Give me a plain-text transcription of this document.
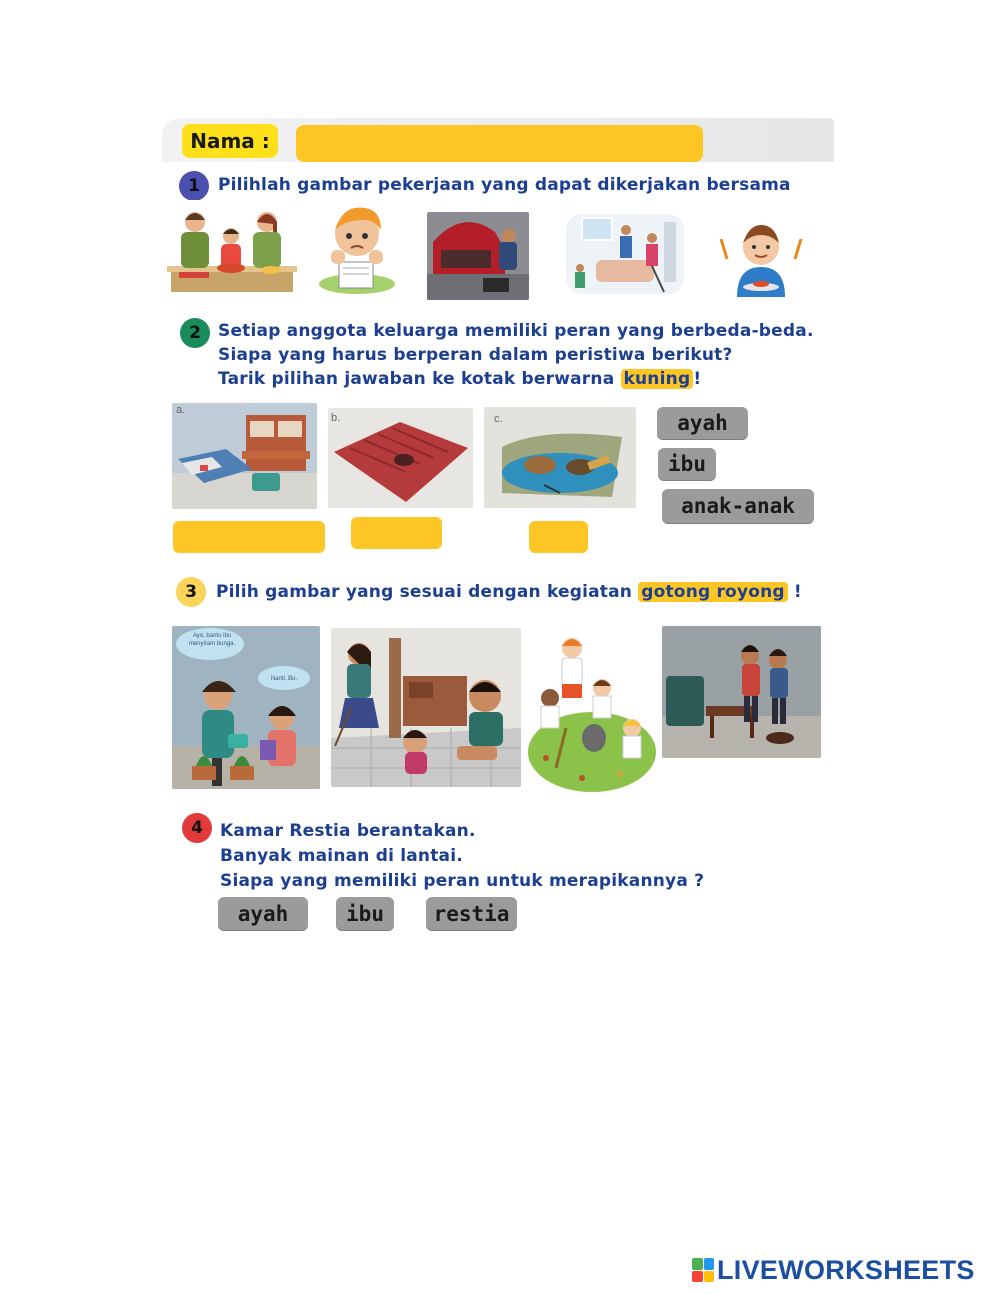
Nama :
1	Pilihlah gambar pekerjaan yang dapat dikerjakan bersama
2	Setiap anggota keluarga memiliki peran yang berbeda-beda.
Siapa yang harus berperan dalam peristiwa berikut?
Tarik pilihan jawaban ke kotak berwarna kuning !
a.
b.	c.	ayah
ibu
anak-anak
3	Pilih gambar yang sesuai dengan kegiatan gotong royong !
Ayo, bantu ibu menyiram bunga.
Nanti, Bu.
4	Kamar Restia berantakan.
Banyak mainan di lantai.
Siapa yang memiliki peran untuk merapikannya ?
ayah	ibu	restia
LIVEWORKSHEETS
